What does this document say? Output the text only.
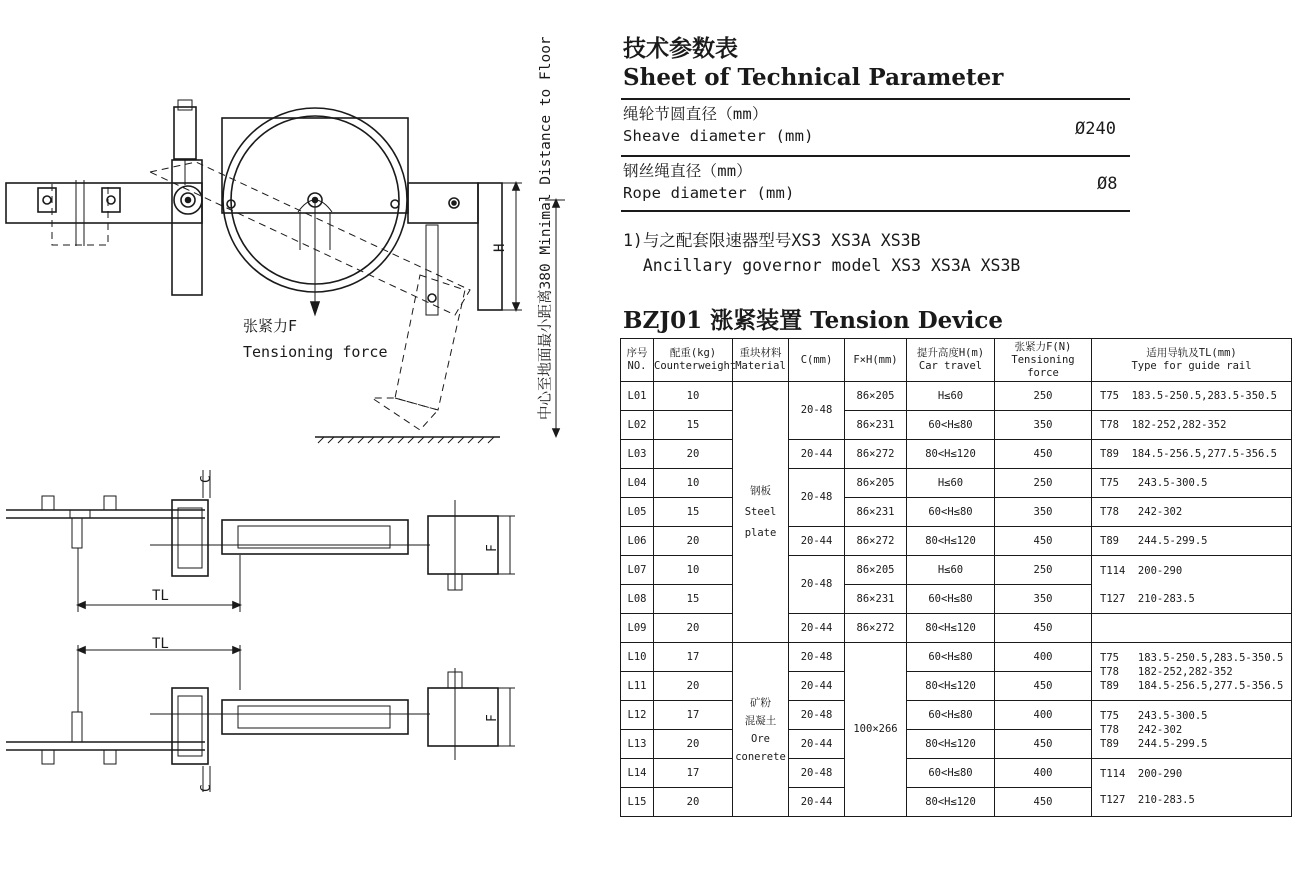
张紧力F
Tensioning force
H 中心至地面最小距离380 Minimal Distance to Floor
C
C
TL
TL
F
F
技术参数表
Sheet of Technical Parameter
绳轮节圆直径（mm）
Sheave diameter (mm)	Ø240
钢丝绳直径（mm）
Rope diameter (mm)	Ø8
1)与之配套限速器型号XS3 XS3A XS3B
Ancillary governor model XS3 XS3A XS3B
BZJ01 涨紧装置 Tension Device
序号
NO.	配重(kg)
Counterweight	重块材料
Material	C(mm)	F×H(mm)	提升高度H(m)
Car travel	张紧力F(N)
Tensioning force	适用导轨及TL(mm)
Type for guide rail
L01	10	钢板
Steel
plate	20-48	86×205	H≤60	250	T75  183.5-250.5,283.5-350.5
L02	15			86×231	60<H≤80	350	T78  182-252,282-352
L03	20		20-44	86×272	80<H≤120	450	T89  184.5-256.5,277.5-356.5
L04	10		20-48	86×205	H≤60	250	T75   243.5-300.5
L05	15			86×231	60<H≤80	350	T78   242-302
L06	20		20-44	86×272	80<H≤120	450	T89   244.5-299.5
L07	10		20-48	86×205	H≤60	250	T114  200-290
T127  210-283.5
L08	15			86×231	60<H≤80	350	
L09	20		20-44	86×272	80<H≤120	450	
L10	17	矿粉
混凝土
Ore
conerete	20-48	100×266	60<H≤80	400	T75   183.5-250.5,283.5-350.5
T78   182-252,282-352
T89   184.5-256.5,277.5-356.5
L11	20		20-44		80<H≤120	450	
L12	17		20-48		60<H≤80	400	T75   243.5-300.5
T78   242-302
T89   244.5-299.5
L13	20		20-44		80<H≤120	450	
L14	17		20-48		60<H≤80	400	T114  200-290

T127  210-283.5
L15	20		20-44		80<H≤120	450	
